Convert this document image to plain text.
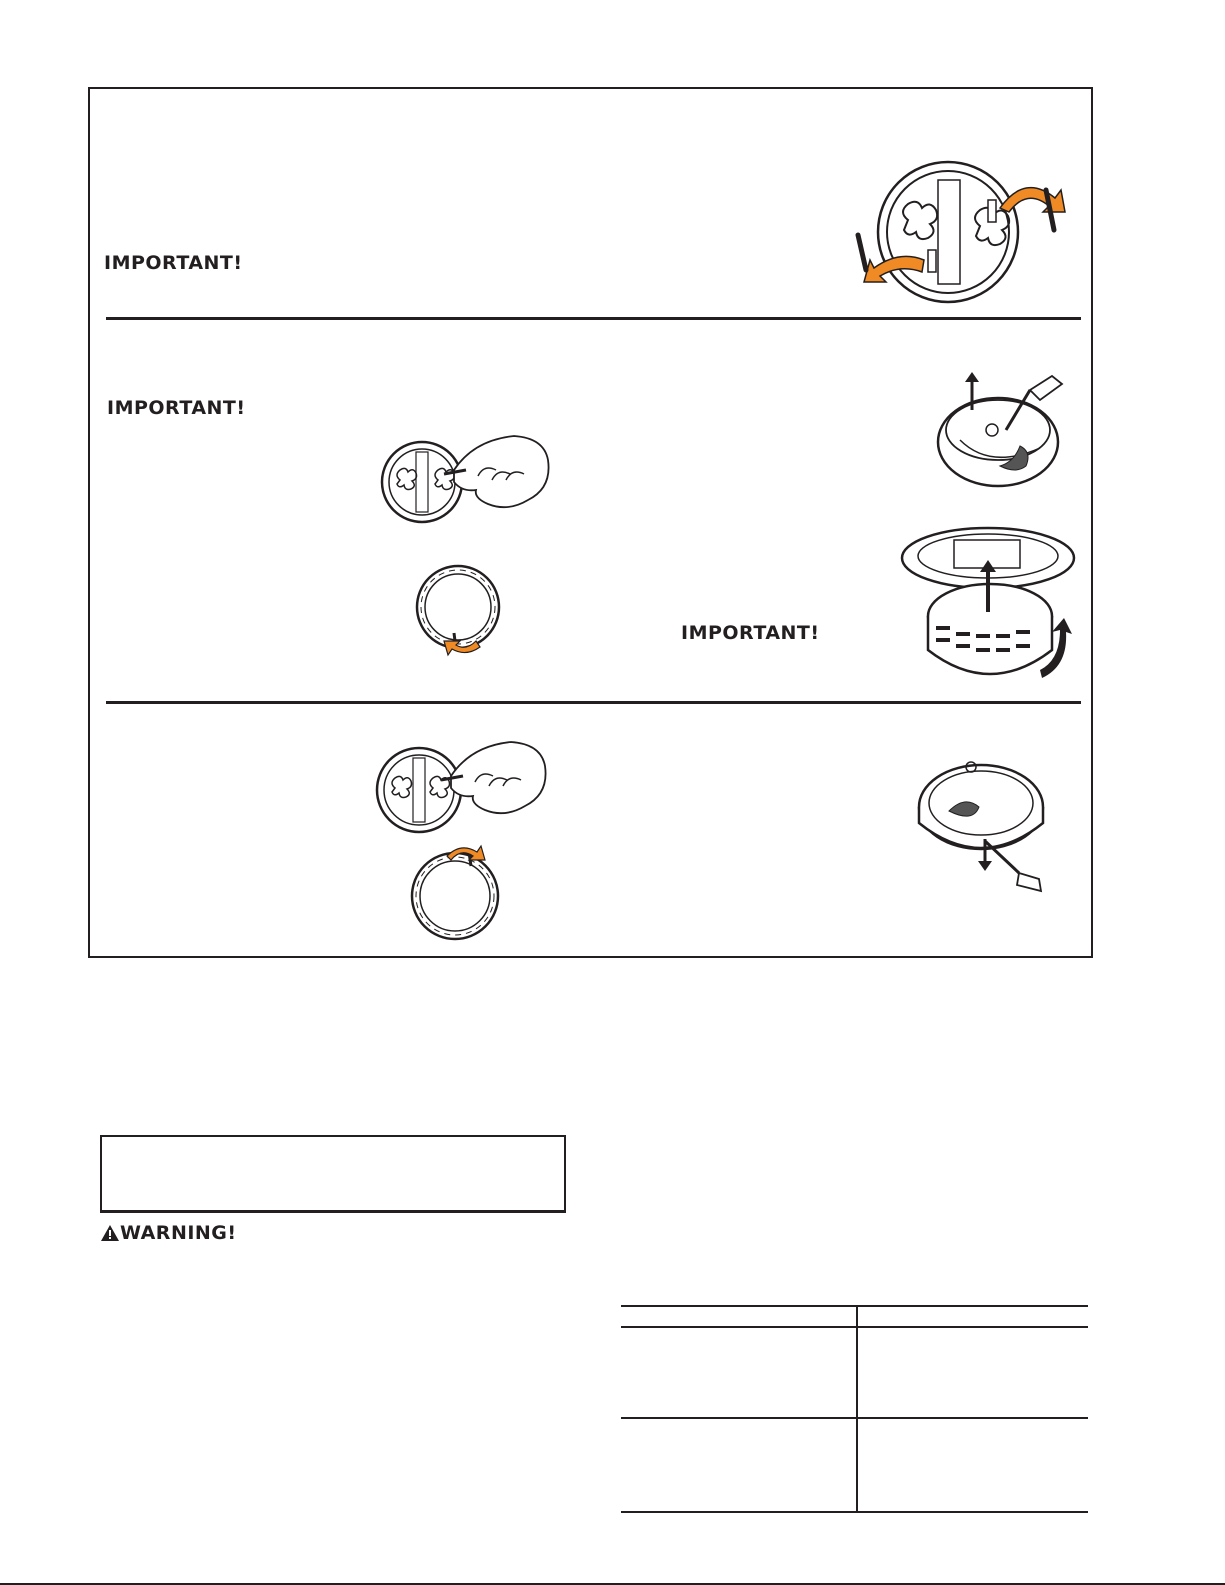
IMPORTANT!
IMPORTANT!
IMPORTANT!
WARNING!
